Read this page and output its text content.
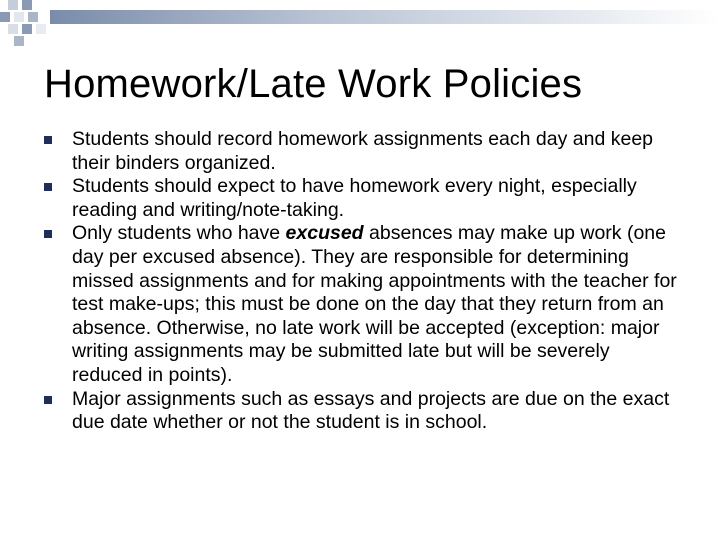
Homework/Late Work Policies
Students should record homework assignments each day and keep their binders organized.
Students should expect to have homework every night, especially reading and writing/note-taking.
Only students who have excused absences may make up work (one day per excused absence). They are responsible for determining missed assignments and for making appointments with the teacher for test make-ups; this must be done on the day that they return from an absence. Otherwise, no late work will be accepted (exception: major writing assignments may be submitted late but will be severely reduced in points).
Major assignments such as essays and projects are due on the exact due date whether or not the student is in school.
